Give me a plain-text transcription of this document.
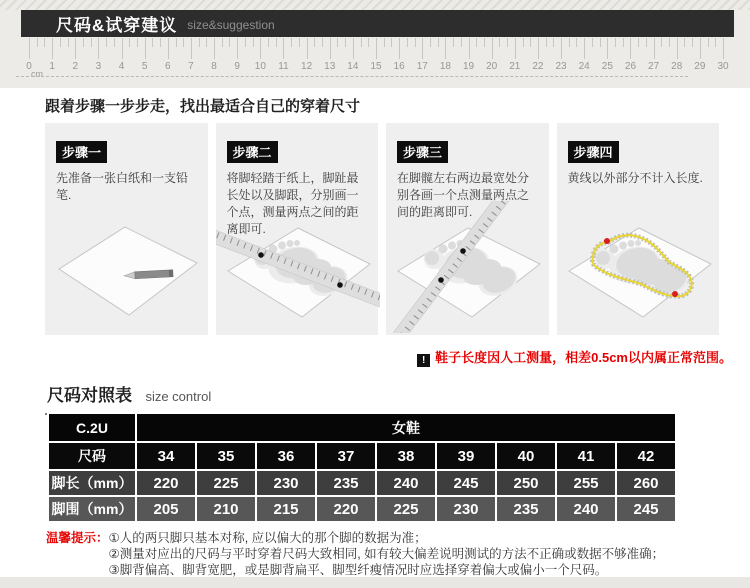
尺码&试穿建议 size&suggestion
0	1	2	3	4	5	6	7	8	9	10	11	12	13	14	15	16	17	18	19	20	21	22	23	24	25	26	27	28	29	30
cm
跟着步骤一步步走，找出最适合自己的穿着尺寸
步骤一
先准备一张白纸和一支铅笔.
步骤二
将脚轻踏于纸上，脚趾最长处以及脚跟，分别画一个点，测量两点之间的距离即可.
步骤三
在脚髋左右两边最宽处分别各画一个点测量两点之间的距离即可.
步骤四
黄线以外部分不计入长度.
! 鞋子长度因人工测量，相差0.5cm以内属正常范围。
尺码对照表 size control
C.2U	女鞋								
尺码	34	35	36	37	38	39	40	41	42
脚长（mm）	220	225	230	235	240	245	250	255	260
脚围（mm）	205	210	215	220	225	230	235	240	245
温馨提示： ①人的两只脚只基本对称, 应以偏大的那个脚的数据为准；
②测量对应出的尺码与平时穿着尺码大致相同, 如有较大偏差说明测试的方法不正确或数据不够准确；
③脚背偏高、脚背宽肥，或是脚背扁平、脚型纤瘦情况时应选择穿着偏大或偏小一个尺码。
